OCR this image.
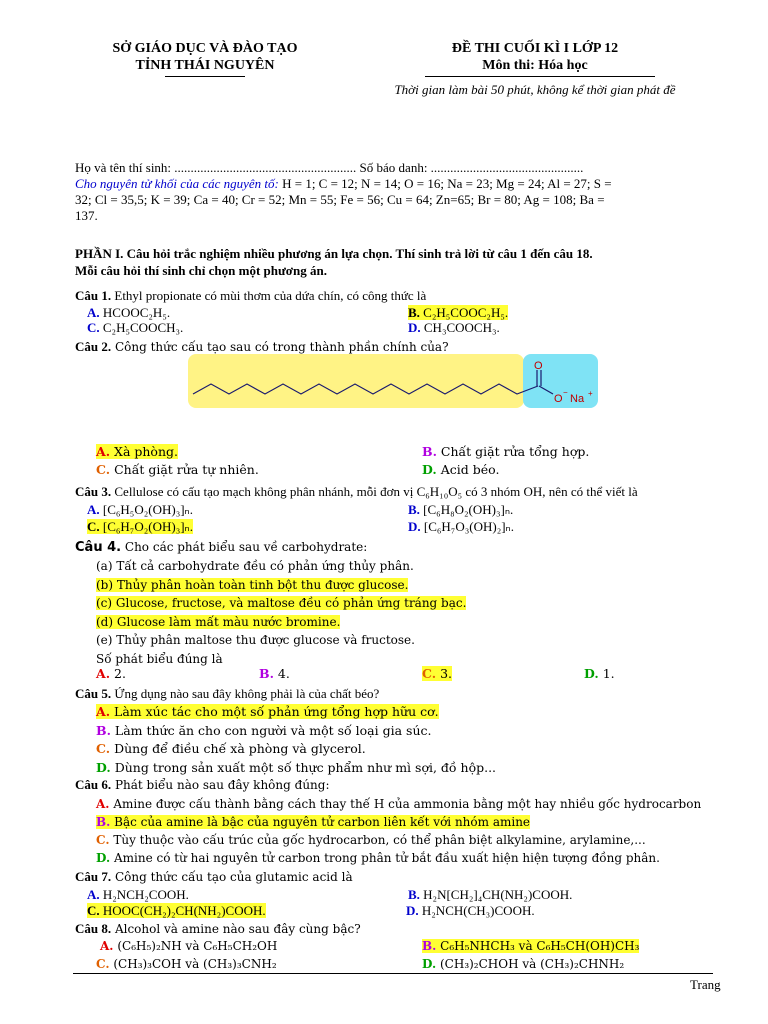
SỞ GIÁO DỤC VÀ ĐÀO TẠO
TỈNH THÁI NGUYÊN
ĐỀ THI CUỐI KÌ I LỚP 12
Môn thi: Hóa học
Thời gian làm bài 50 phút, không kể thời gian phát đề
Họ và tên thí sinh: ........................................................ Số báo danh: ...............................................
Cho nguyên tử khối của các nguyên tố: H = 1; C = 12; N = 14; O = 16; Na = 23; Mg = 24; Al = 27; S =
32; Cl = 35,5; K = 39; Ca = 40; Cr = 52; Mn = 55; Fe = 56; Cu = 64; Zn=65; Br = 80; Ag = 108; Ba =
137.
PHẦN I. Câu hỏi trắc nghiệm nhiều phương án lựa chọn. Thí sinh trả lời từ câu 1 đến câu 18.
Mỗi câu hỏi thí sinh chỉ chọn một phương án.
Câu 1. Ethyl propionate có mùi thơm của dứa chín, có công thức là
A. HCOOC₂H₅.	B. C₂H₅COOC₂H₅.
C. C₂H₅COOCH₃.	D. CH₃COOCH₃.
Câu 2. Công thức cấu tạo sau có trong thành phần chính của?
O
O
−
Na +
A. Xà phòng.	B. Chất giặt rửa tổng hợp.
C. Chất giặt rửa tự nhiên.	D. Acid béo.
Câu 3. Cellulose có cấu tạo mạch không phân nhánh, mỗi đơn vị C₆H₁₀O₅ có 3 nhóm OH, nên có thể viết là
A. [C₆H₅O₂(OH)₃]ₙ.	B. [C₆H₈O₂(OH)₃]ₙ.
C. [C₆H₇O₂(OH)₃]ₙ.	D. [C₆H₇O₃(OH)₂]ₙ.
Câu 4. Cho các phát biểu sau về carbohydrate:
(a) Tất cả carbohydrate đều có phản ứng thủy phân.
(b) Thủy phân hoàn toàn tinh bột thu được glucose.
(c) Glucose, fructose, và maltose đều có phản ứng tráng bạc.
(d) Glucose làm mất màu nước bromine.
(e) Thủy phân maltose thu được glucose và fructose.
Số phát biểu đúng là
A. 2.	B. 4.	C. 3.	D. 1.
Câu 5. Ứng dụng nào sau đây không phải là của chất béo?
A. Làm xúc tác cho một số phản ứng tổng hợp hữu cơ.
B. Làm thức ăn cho con người và một số loại gia súc.
C. Dùng để điều chế xà phòng và glycerol.
D. Dùng trong sản xuất một số thực phẩm như mì sợi, đồ hộp...
Câu 6. Phát biểu nào sau đây không đúng:
A. Amine được cấu thành bằng cách thay thế H của ammonia bằng một hay nhiều gốc hydrocarbon
B. Bậc của amine là bậc của nguyên tử carbon liên kết với nhóm amine
C. Tùy thuộc vào cấu trúc của gốc hydrocarbon, có thể phân biệt alkylamine, arylamine,...
D. Amine có từ hai nguyên tử carbon trong phân tử bắt đầu xuất hiện hiện tượng đồng phân.
Câu 7. Công thức cấu tạo của glutamic acid là
A. H₂NCH₂COOH.	B. H₂N[CH₂]₄CH(NH₂)COOH.
C. HOOC(CH₂)₂CH(NH₂)COOH.	D. H₂NCH(CH₃)COOH.
Câu 8. Alcohol và amine nào sau đây cùng bậc?
A. (C₆H₅)₂NH và C₆H₅CH₂OH	B. C₆H₅NHCH₃ và C₆H₅CH(OH)CH₃
C. (CH₃)₃COH và (CH₃)₃CNH₂	D. (CH₃)₂CHOH và (CH₃)₂CHNH₂
Trang
